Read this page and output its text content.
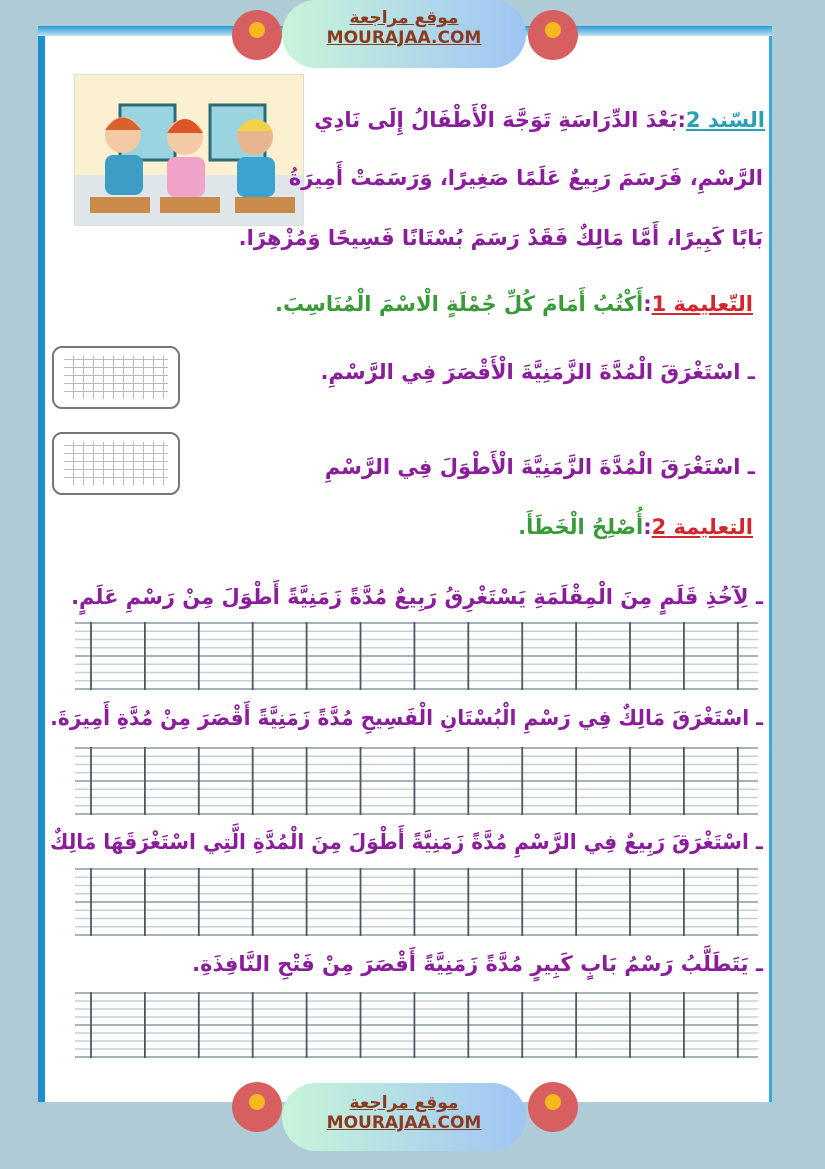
موقع مراجعة
MOURAJAA.COM
السّند 2:بَعْدَ الدِّرَاسَةِ تَوَجَّهَ الْأَطْفَالُ إِلَى نَادِي
الرَّسْمِ، فَرَسَمَ رَبِيعٌ عَلَمًا صَغِيرًا، وَرَسَمَتْ أَمِيرَةُ
بَابًا كَبِيرًا، أَمَّا مَالِكٌ فَقَدْ رَسَمَ بُسْتَانًا فَسِيحًا وَمُزْهِرًا.
التّعليمة 1:أَكْتُبُ أَمَامَ كُلِّ جُمْلَةٍ الْاسْمَ الْمُنَاسِبَ.
ـ اسْتَغْرَقَ الْمُدَّةَ الزَّمَنِيَّةَ الْأَقْصَرَ فِي الرَّسْمِ.
ـ اسْتَغْرَقَ الْمُدَّةَ الزَّمَنِيَّةَ الْأَطْوَلَ فِي الرَّسْمِ
التعليمة 2:أُصْلِحُ الْخَطَأَ.
ـ لِآخُذِ قَلَمٍ مِنَ الْمِقْلَمَةِ يَسْتَغْرِقُ رَبِيعٌ مُدَّةً زَمَنِيَّةً أَطْوَلَ مِنْ رَسْمِ عَلَمٍ.
ـ اسْتَغْرَقَ مَالِكٌ فِي رَسْمِ الْبُسْتَانِ الْفَسِيحِ مُدَّةً زَمَنِيَّةً أَقْصَرَ مِنْ مُدَّةِ أَمِيرَةَ.
ـ اسْتَغْرَقَ رَبِيعٌ فِي الرَّسْمِ مُدَّةً زَمَنِيَّةً أَطْوَلَ مِنَ الْمُدَّةِ الَّتِي اسْتَغْرَقَهَا مَالِكٌ
ـ يَتَطَلَّبُ رَسْمُ بَابٍ كَبِيرٍ مُدَّةً زَمَنِيَّةً أَقْصَرَ مِنْ فَتْحِ النَّافِذَةِ.
موقع مراجعة
MOURAJAA.COM
